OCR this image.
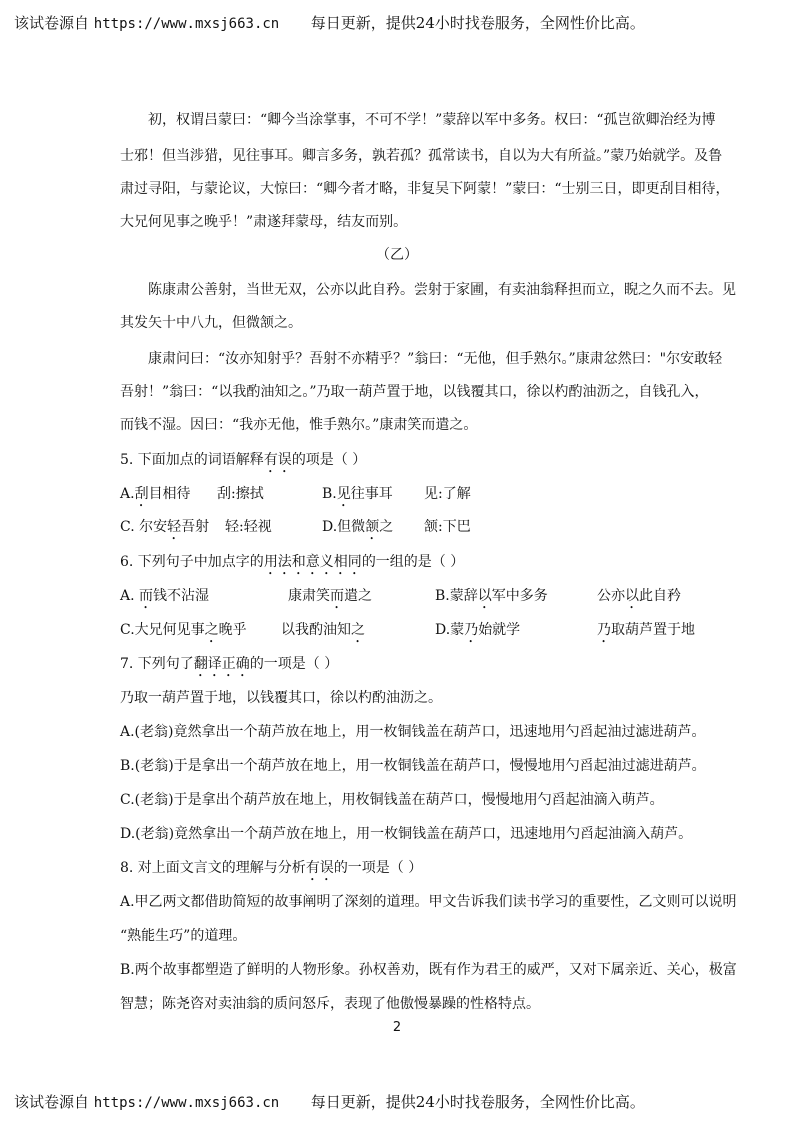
该试卷源自 https://www.mxsj663.cn 每日更新，提供24小时找卷服务，全网性价比高。
初，权谓吕蒙曰：“卿今当涂掌事，不可不学！”蒙辞以军中多务。权曰：“孤岂欲卿治经为博
士邪！但当涉猎，见往事耳。卿言多务，孰若孤？孤常读书，自以为大有所益。”蒙乃始就学。及鲁
肃过寻阳，与蒙论议，大惊曰：“卿今者才略，非复吴下阿蒙！”蒙曰：“士别三日，即更刮目相待，
大兄何见事之晚乎！”肃遂拜蒙母，结友而别。
（乙）
陈康肃公善射，当世无双，公亦以此自矜。尝射于家圃，有卖油翁释担而立，睨之久而不去。见
其发矢十中八九，但微颔之。
康肃问曰：“汝亦知射乎？吾射不亦精乎？”翁曰：“无他，但手熟尔。”康肃忿然曰："尔安敢轻
吾射！”翁曰：“以我酌油知之。”乃取一葫芦置于地，以钱覆其口，徐以杓酌油沥之，自钱孔入，
而钱不湿。因曰：“我亦无他，惟手熟尔。”康肃笑而遣之。
5. 下面加点的词语解释有误的项是（ ）
A.刮目相待 刮:擦拭	B.见往事耳 见:了解
C. 尔安轻吾射 轻:轻视	D.但微颔之 颔:下巴
6. 下列句子中加点字的用法和意义相同的一组的是（ ）
A. 而钱不沾湿	康肃笑而遣之	B.蒙辞以军中多务	公亦以此自矜
C.大兄何见事之晚乎 以我酌油知之	D.蒙乃始就学	乃取葫芦置于地
7. 下列句了翻译正确的一项是（ ）
乃取一葫芦置于地，以钱覆其口，徐以杓酌油沥之。
A.(老翁)竟然拿出一个葫芦放在地上，用一枚铜钱盖在葫芦口，迅速地用勺舀起油过滤进葫芦。
B.(老翁)于是拿出一个葫芦放在地上，用一枚铜钱盖在葫芦口，慢慢地用勺舀起油过滤进葫芦。
C.(老翁)于是拿出个葫芦放在地上，用枚铜钱盖在葫芦口，慢慢地用勺舀起油滴入萌芦。
D.(老翁)竟然拿出一个葫芦放在地上，用一枚铜钱盖在葫芦口，迅速地用勺舀起油滴入葫芦。
8. 对上面文言文的理解与分析有误的一项是（ ）
A.甲乙两文都借助简短的故事阐明了深刻的道理。甲文告诉我们读书学习的重要性，乙文则可以说明
“熟能生巧”的道理。
B.两个故事都塑造了鲜明的人物形象。孙权善劝，既有作为君王的威严，又对下属亲近、关心，极富
智慧；陈尧咨对卖油翁的质问怒斥，表现了他傲慢暴躁的性格特点。
2
该试卷源自 https://www.mxsj663.cn 每日更新，提供24小时找卷服务，全网性价比高。
